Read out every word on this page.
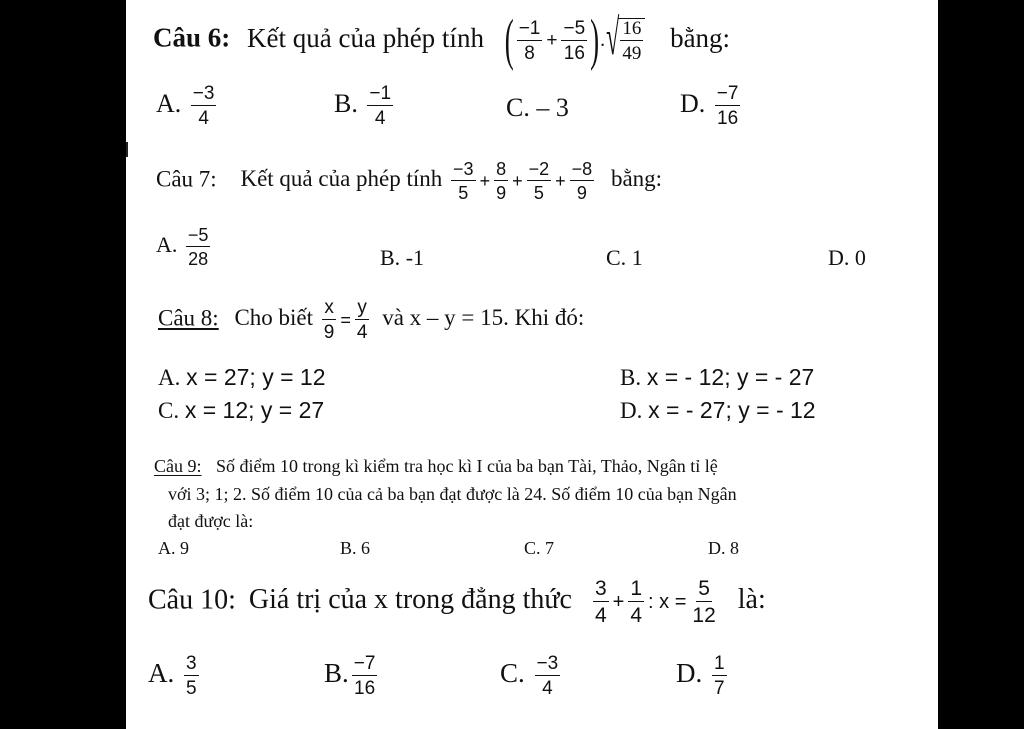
Câu 6: Kết quả của phép tính ( $\frac{-1}{8} + \frac{-5}{16}$ ). √ $\frac{16}{49}$ bằng:
A. $\frac{-3}{4}$	B. $\frac{-1}{4}$	C. – 3	D. $\frac{-7}{16}$
Câu 7: Kết quả của phép tính $\frac{-3}{5} + \frac{8}{9} + \frac{-2}{5} + \frac{-8}{9}$ bằng:
A. $\frac{-5}{28}$	B. -1	C. 1	D. 0
Câu 8: Cho biết $\frac{x}{9} = \frac{y}{4}$ và x – y = 15. Khi đó:
A. x = 27; y = 12	B. x = - 12; y = - 27
C. x = 12; y = 27	D. x = - 27; y = - 12
Câu 9: Số điểm 10 trong kì kiểm tra học kì I của ba bạn Tài, Thảo, Ngân tỉ lệ
với 3; 1; 2. Số điểm 10 của cả ba bạn đạt được là 24. Số điểm 10 của bạn Ngân
đạt được là:
A. 9	B. 6	C. 7	D. 8
Câu 10: Giá trị của x trong đẳng thức $\frac{3}{4} + \frac{1}{4}$ : $x = \frac{5}{12}$ là:
A. $\frac{3}{5}$	B. $\frac{-7}{16}$	C. $\frac{-3}{4}$	D. $\frac{1}{7}$
